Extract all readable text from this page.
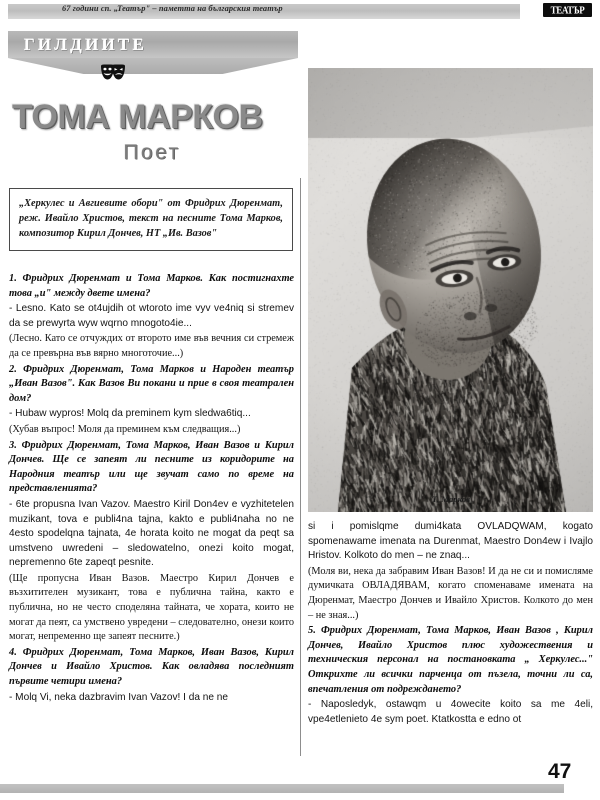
67 години сп. „Театър" – паметта на българския театър	ТЕАТЪР
ГИЛДИИТЕ
ТОМА МАРКОВ
Поет
„Херкулес и Авгиевите обори" от Фридрих Дюренмат, реж. Ивайло Христов, текст на песните Тома Марков, композитор Кирил Дончев, НТ „Ив. Вазов"
Т. Марков

1. Фридрих Дюренмат и Тома Марков. Как постигнахте това „и" между двете имена?

- Lesno. Kato se ot4ujdih ot wtoroto ime vyv ve4niq si stremev da se prewyrta wyw wqrno mnogoto4ie...

(Лесно. Като се отчуждих от второто име във вечния си стремеж да се превърна във вярно многоточие...)

2. Фридрих Дюренмат, Тома Марков и Народен театър „Иван Вазов". Как Вазов Ви покани и прие в своя театрален дом?

- Hubaw wypros! Molq da preminem kym sledwa6tiq...

(Хубав въпрос! Моля да преминем към следващия...)

3. Фридрих Дюренмат, Тома Марков, Иван Вазов и Кирил Дончев. Ще се запеят ли песните из коридорите на Народния театър или ще звучат само по време на представленията?

- 6te propusna Ivan Vazov. Maestro Kiril Don4ev e vyzhitetelen muzikant, tova e publi4na tajna, kakto e publi4naha no ne 4esto spodelqna tajnata, 4e horata koito ne mogat da peqt sa umstveno uwredeni – sledowatelno, onezi koito mogat, nepremenno 6te zapeqt pesnite.

(Ще пропусна Иван Вазов. Маестро Кирил Дончев е възхитителен музикант, това е публична тайна, както е публична, но не често споделяна тайната, че хората, които не могат да пеят, са умствено увредени – следователно, онези които могат, непременно ще запеят песните.)

4. Фридрих Дюренмат, Тома Марков, Иван Вазов, Кирил Дончев и Ивайло Христов. Как овладява последният първите четири имена?

- Molq Vi, neka dazbravim Ivan Vazov! I da ne ne

si i pomislqme dumi4kata OVLADQWAM, kogato spomenawame imenata na Durenmat, Maestro Don4ew i Ivajlo Hristov. Kolkoto do men – ne znaq...

(Моля ви, нека да забравим Иван Вазов! И да не си и помисляме думичката ОВЛАДЯВАМ, когато споменаваме имената на Дюренмат, Маестро Дончев и Ивайло Христов. Колкото до мен – не зная...)

5. Фридрих Дюренмат, Тома Марков, Иван Вазов , Кирил Дончев, Ивайло Христов плюс художествения и техническия персонал на постановката „ Херкулес..." Открихте ли всички парченца от пъзела, точни ли са, впечатления от подреждането?

- Naposledyk, ostawqm u 4owecite koito sa me 4eli, vpe4etlenieto 4e sym poet. Ktatkostta e edno ot

47
